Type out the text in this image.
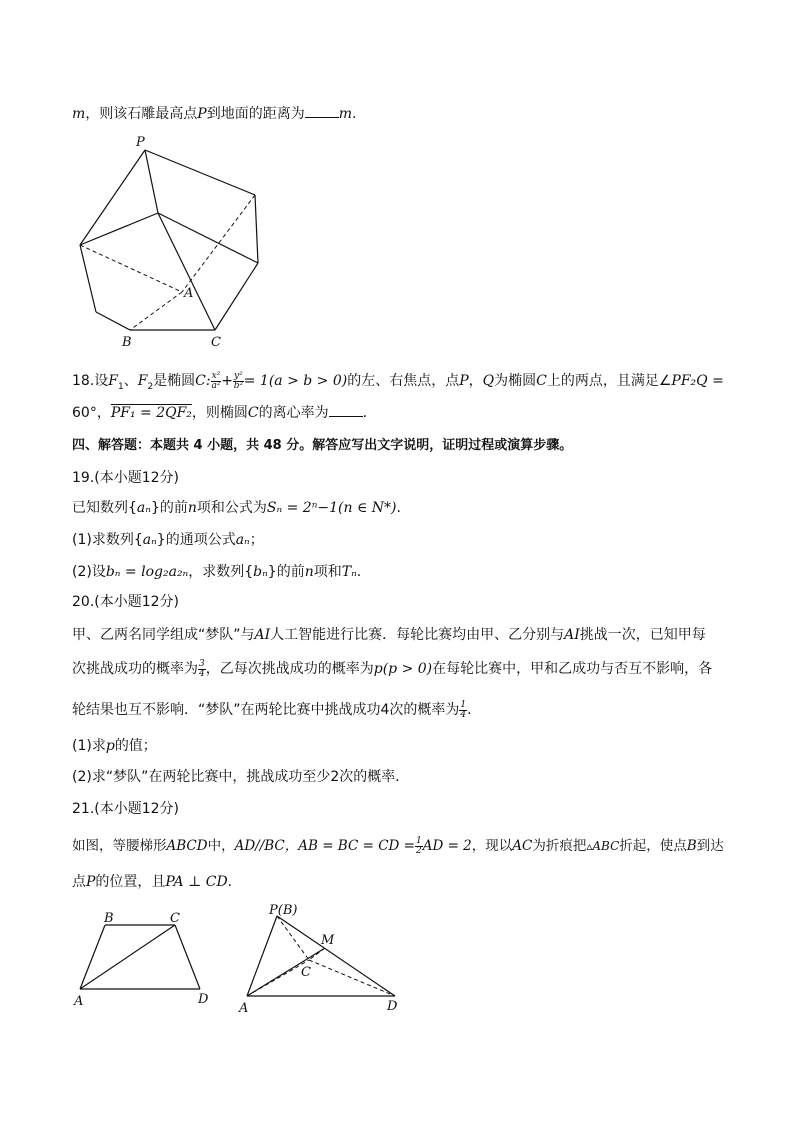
m，则该石雕最高点P到地面的距离为 m.
P
A
B	C
18.设$F_1$、$F_2$是椭圆C: $\frac{\text{x²}}{\text{a²}} + \frac{\text{y²}}{\text{b²}} = 1(a > b > 0)$的左、右焦点，点P，Q为椭圆C上的两点，且满足∠PF₂Q =
60°，PF₁ = 2QF₂，则椭圆C的离心率为 .
四、解答题：本题共 4 小题，共 48 分。解答应写出文字说明，证明过程或演算步骤。
19.(本小题12分)
已知数列{aₙ}的前n项和公式为Sₙ = 2ⁿ−1(n ∈ N*).
(1)求数列{aₙ}的通项公式aₙ；
(2)设bₙ = log₂a₂ₙ，求数列{bₙ}的前n项和Tₙ.
20.(本小题12分)
甲、乙两名同学组成“梦队”与AI人工智能进行比赛．每轮比赛均由甲、乙分别与AI挑战一次，已知甲每
次挑战成功的概率为 $\frac{3}{4}$ ，乙每次挑战成功的概率为p(p > 0)在每轮比赛中，甲和乙成功与否互不影响，各
轮结果也互不影响．“梦队”在两轮比赛中挑战成功4次的概率为 $\frac{1}{4}$ .
(1)求p的值；
(2)求“梦队”在两轮比赛中，挑战成功至少2次的概率．
21.(本小题12分)
如图，等腰梯形ABCD中，AD//BC，AB = BC = CD = $\frac{1}{2}$ AD = 2，现以AC为折痕把▵ABC折起，使点B到达
点P的位置，且PA ⊥ CD.
B	C
A	D
P(B)
M
C
A	D
